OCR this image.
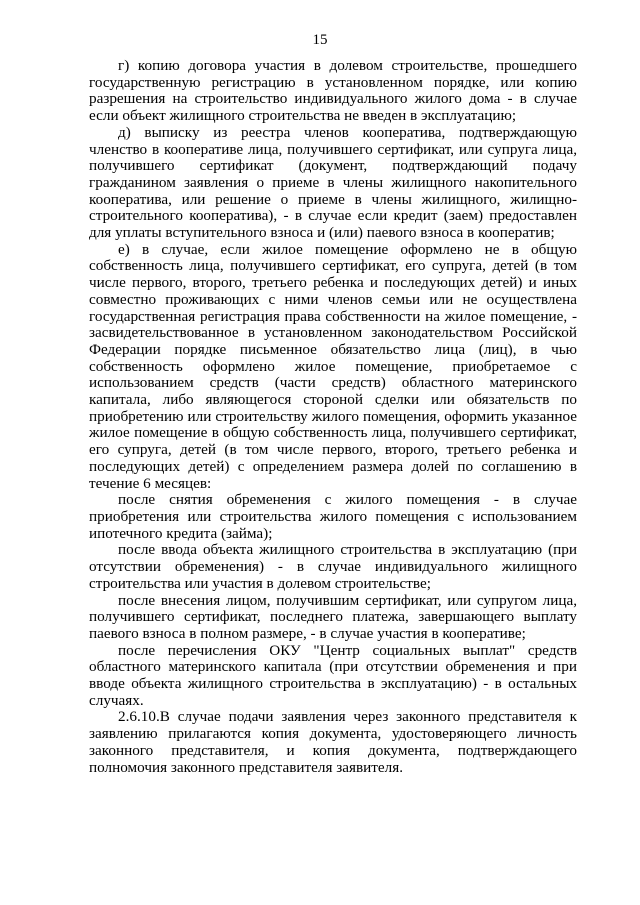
15

г) копию договора участия в долевом строительстве, прошедшего государственную регистрацию в установленном порядке, или копию разрешения на строительство индивидуального жилого дома - в случае если объект жилищного строительства не введен в эксплуатацию;

д) выписку из реестра членов кооператива, подтверждающую членство в кооперативе лица, получившего сертификат, или супруга лица, получившего сертификат (документ, подтверждающий подачу гражданином заявления о приеме в члены жилищного накопительного кооператива, или решение о приеме в члены жилищного, жилищно-строительного кооператива), - в случае если кредит (заем) предоставлен для уплаты вступительного взноса и (или) паевого взноса в кооператив;

е) в случае, если жилое помещение оформлено не в общую собственность лица, получившего сертификат, его супруга, детей (в том числе первого, второго, третьего ребенка и последующих детей) и иных совместно проживающих с ними членов семьи или не осуществлена государственная регистрация права собственности на жилое помещение, - засвидетельствованное в установленном законодательством Российской Федерации порядке письменное обязательство лица (лиц), в чью собственность оформлено жилое помещение, приобретаемое с использованием средств (части средств) областного материнского капитала, либо являющегося стороной сделки или обязательств по приобретению или строительству жилого помещения, оформить указанное жилое помещение в общую собственность лица, получившего сертификат, его супруга, детей (в том числе первого, второго, третьего ребенка и последующих детей) с определением размера долей по соглашению в течение 6 месяцев:

после снятия обременения с жилого помещения - в случае приобретения или строительства жилого помещения с использованием ипотечного кредита (займа);

после ввода объекта жилищного строительства в эксплуатацию (при отсутствии обременения) - в случае индивидуального жилищного строительства или участия в долевом строительстве;

после внесения лицом, получившим сертификат, или супругом лица, получившего сертификат, последнего платежа, завершающего выплату паевого взноса в полном размере, - в случае участия в кооперативе;

после перечисления ОКУ "Центр социальных выплат" средств областного материнского капитала (при отсутствии обременения и при вводе объекта жилищного строительства в эксплуатацию) - в остальных случаях.

2.6.10.В случае подачи заявления через законного представителя к заявлению прилагаются копия документа, удостоверяющего личность законного представителя, и копия документа, подтверждающего полномочия законного представителя заявителя.
